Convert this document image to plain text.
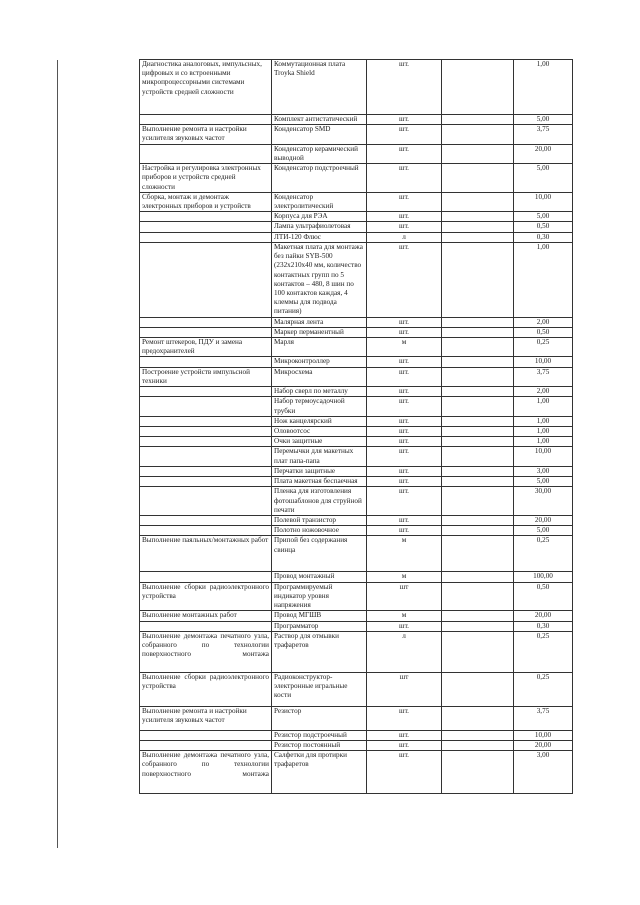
Диагностика аналоговых, импульсных, цифровых и со встроенными микропроцессорными системами устройств средней сложности	Коммутационная плата Troyka Shield	шт.		1,00
	Комплект антистатический	шт.		5,00
Выполнение ремонта и настройки усилителя звуковых частот	Конденсатор SMD	шт.		3,75
	Конденсатор керамический выводной	шт.		20,00
Настройка и регулировка электронных приборов и устройств средней сложности	Конденсатор подстроечный	шт.		5,00
Сборка, монтаж и демонтаж электронных приборов и устройств	Конденсатор электролитический	шт.		10,00
	Корпуса для РЭА	шт.		5,00
	Лампа ультрафиолетовая	шт.		0,50
	ЛТИ-120 Флюс	л		0,30
	Макетная плата для монтажа без пайки SYB-500 (232x210x40 мм, количество контактных групп по 5 контактов – 480, 8 шин по 100 контактов каждая, 4 клеммы для подвода питания)	шт.		1,00
	Малярная лента	шт.		2,00
	Маркер перманентный	шт.		0,50
Ремонт штекеров, ПДУ и замена предохранителей	Марля	м		0,25
	Микроконтроллер	шт.		10,00
Построение устройств импульсной техники	Микросхема	шт.		3,75
	Набор сверл по металлу	шт.		2,00
	Набор термоусадочной трубки	шт.		1,00
	Нож канцелярский	шт.		1,00
	Оловоотсос	шт.		1,00
	Очки защитные	шт.		1,00
	Перемычки для макетных плат папа-папа	шт.		10,00
	Перчатки защитные	шт.		3,00
	Плата макетная беспаечная	шт.		5,00
	Пленка для изготовления фотошаблонов для струйной печати	шт.		30,00
	Полевой транзистор	шт.		20,00
	Полотно ножовочное	шт.		5,00
Выполнение паяльных/монтажных работ	Припой без содержания свинца	м		0,25
	Провод монтажный	м		100,00
Выполнение сборки радиоэлектронного устройства	Программируемый индикатор уровня напряжения	шт		0,50
Выполнение монтажных работ	Провод МГШВ	м		20,00
	Программатор	шт.		0,30
Выполнение демонтажа печатного узла, собранного по технологии поверхностного монтажа	Раствор для отмывки трафаретов	л		0,25
Выполнение сборки радиоэлектронного устройства	Радиоконструктор- электронные игральные кости	шт		0,25
Выполнение ремонта и настройки усилителя звуковых частот	Резистор	шт.		3,75
	Резистор подстроечный	шт.		10,00
	Резистор постоянный	шт.		20,00
Выполнение демонтажа печатного узла, собранного по технологии поверхностного монтажа	Салфетки для протирки трафаретов	шт.		3,00
